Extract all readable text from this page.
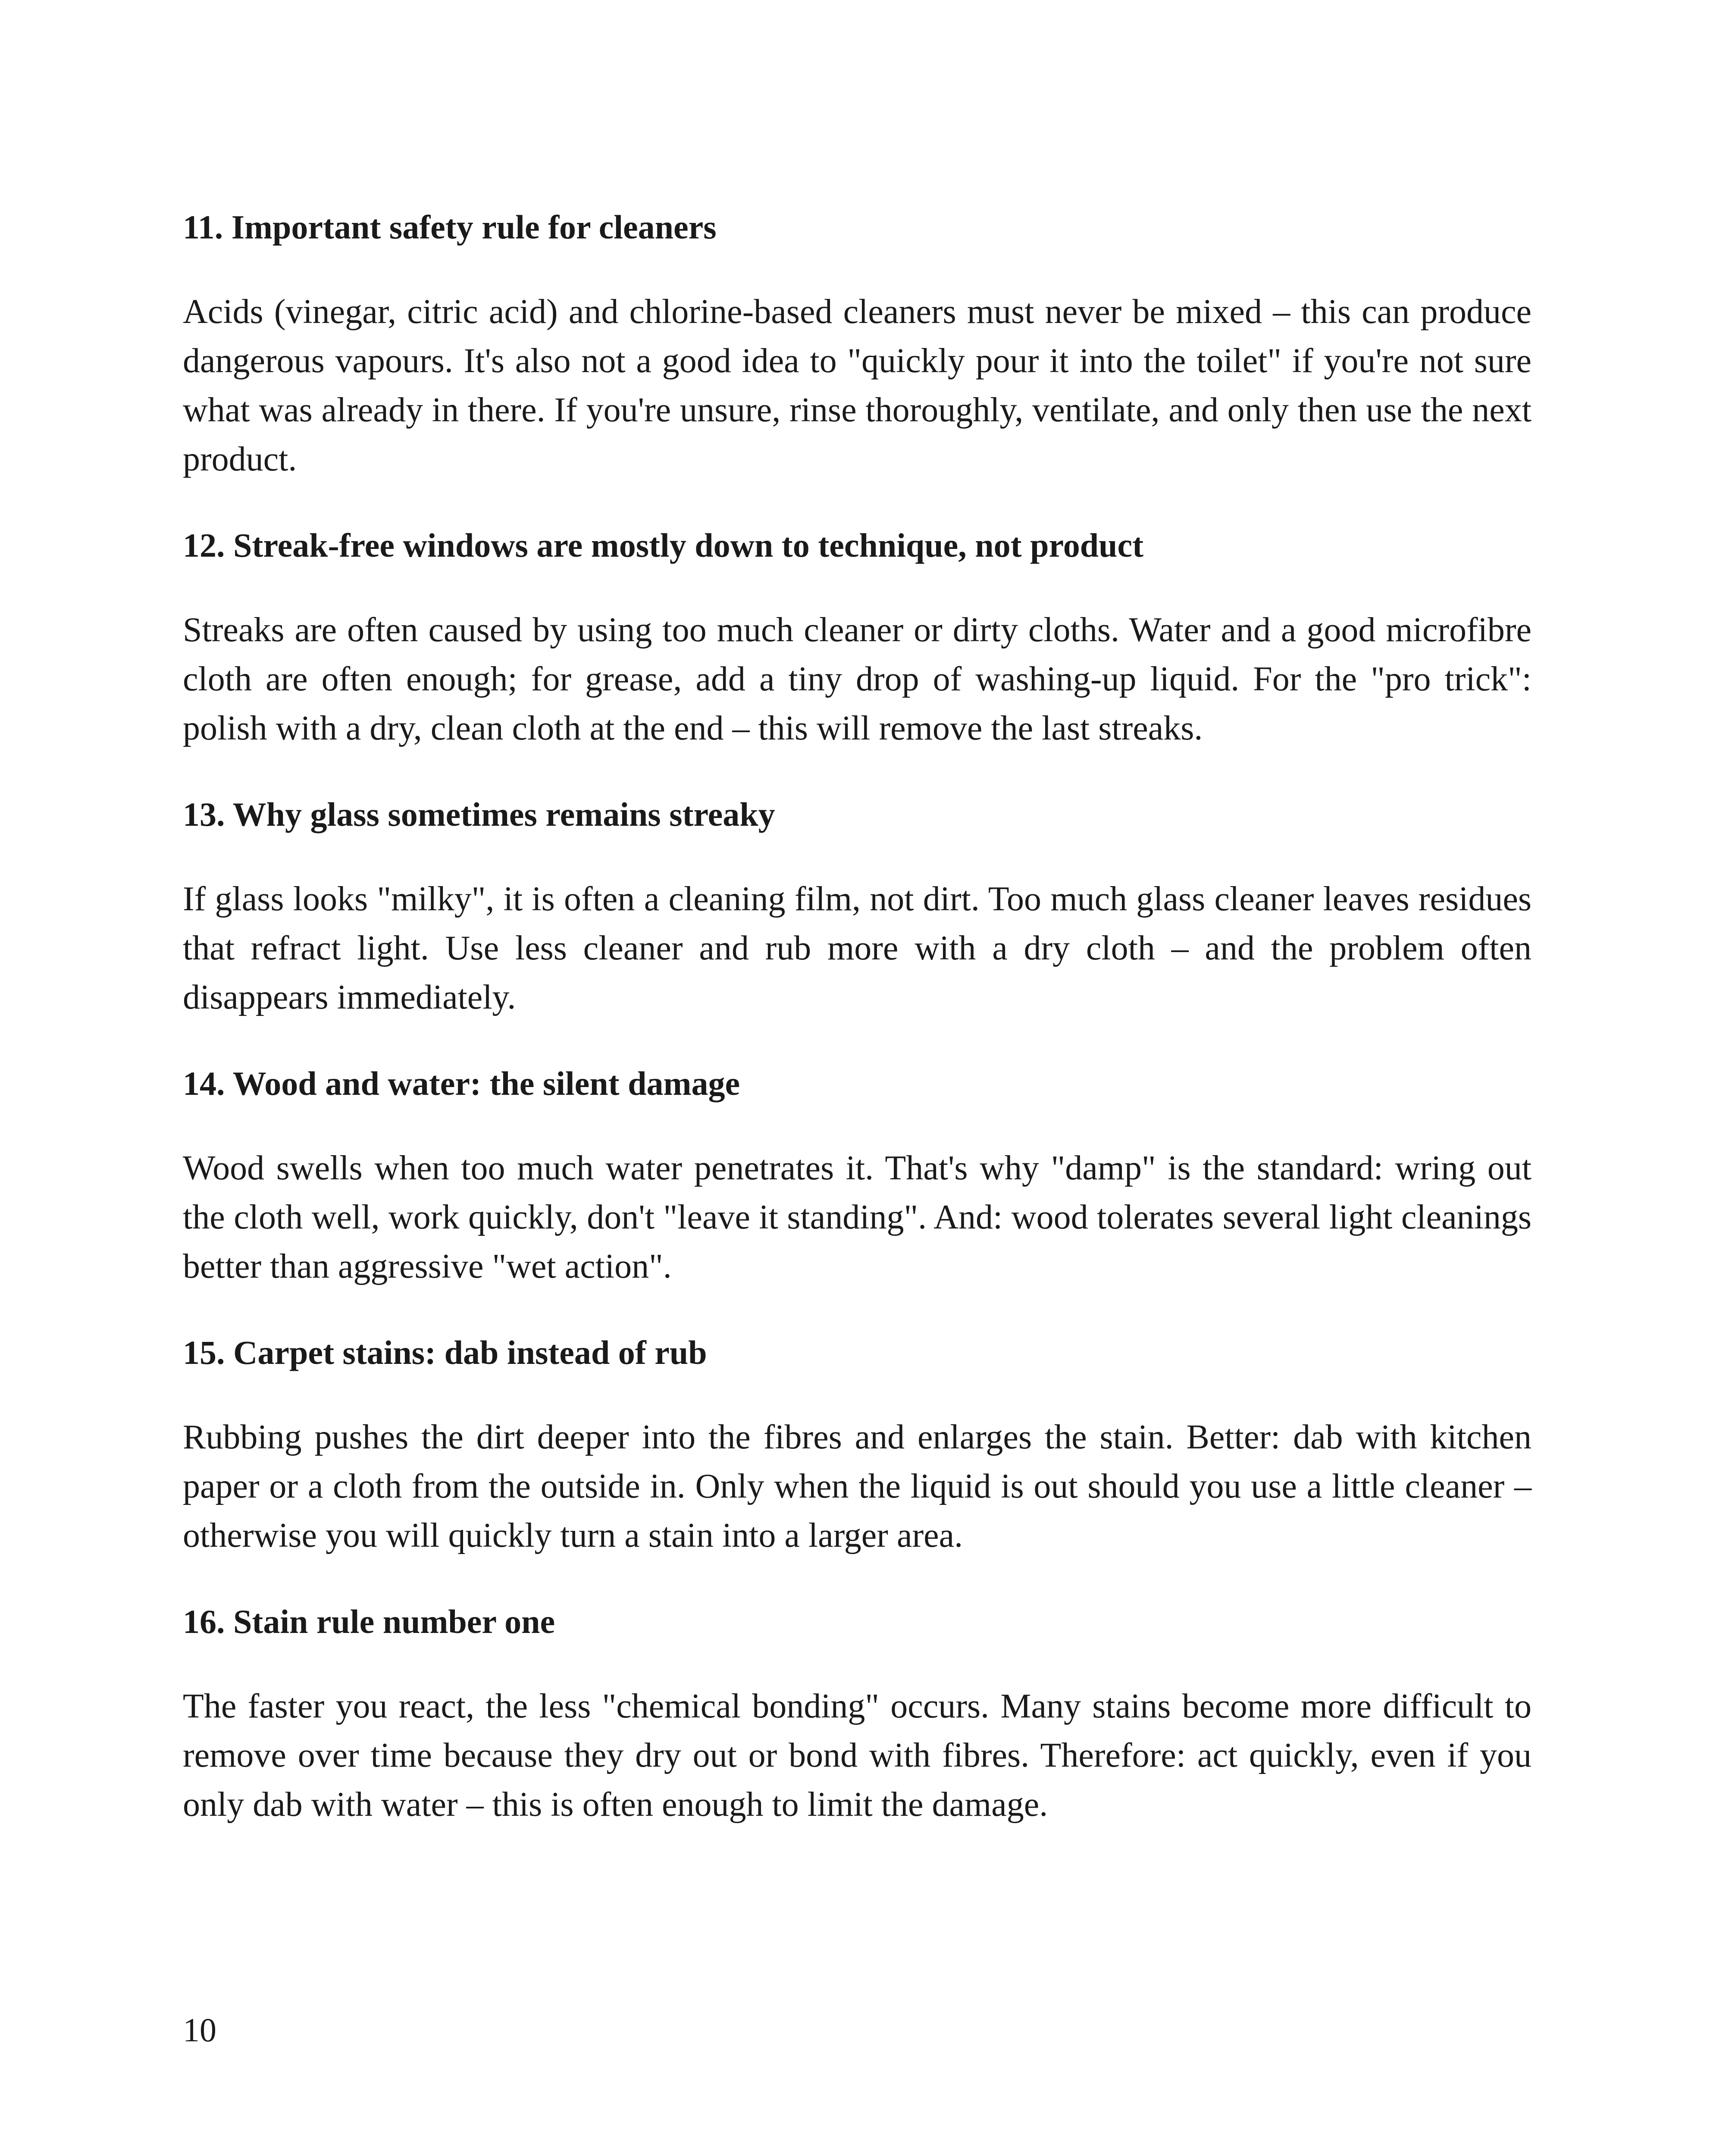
11. Important safety rule for cleaners
Acids (vinegar, citric acid) and chlorine-based cleaners must never be mixed – this can produce dangerous vapours. It's also not a good idea to "quickly pour it into the toilet" if you're not sure what was already in there. If you're unsure, rinse thoroughly, ventilate, and only then use the next product.
12. Streak-free windows are mostly down to technique, not product
Streaks are often caused by using too much cleaner or dirty cloths. Water and a good microfibre cloth are often enough; for grease, add a tiny drop of washing-up liquid. For the "pro trick": polish with a dry, clean cloth at the end – this will remove the last streaks.
13. Why glass sometimes remains streaky
If glass looks "milky", it is often a cleaning film, not dirt. Too much glass cleaner leaves residues that refract light. Use less cleaner and rub more with a dry cloth – and the problem often disappears immediately.
14. Wood and water: the silent damage
Wood swells when too much water penetrates it. That's why "damp" is the standard: wring out the cloth well, work quickly, don't "leave it standing". And: wood tolerates several light cleanings better than aggressive "wet action".
15. Carpet stains: dab instead of rub
Rubbing pushes the dirt deeper into the fibres and enlarges the stain. Better: dab with kitchen paper or a cloth from the outside in. Only when the liquid is out should you use a little cleaner – otherwise you will quickly turn a stain into a larger area.
16. Stain rule number one
The faster you react, the less "chemical bonding" occurs. Many stains become more difficult to remove over time because they dry out or bond with fibres. Therefore: act quickly, even if you only dab with water – this is often enough to limit the damage.
10
